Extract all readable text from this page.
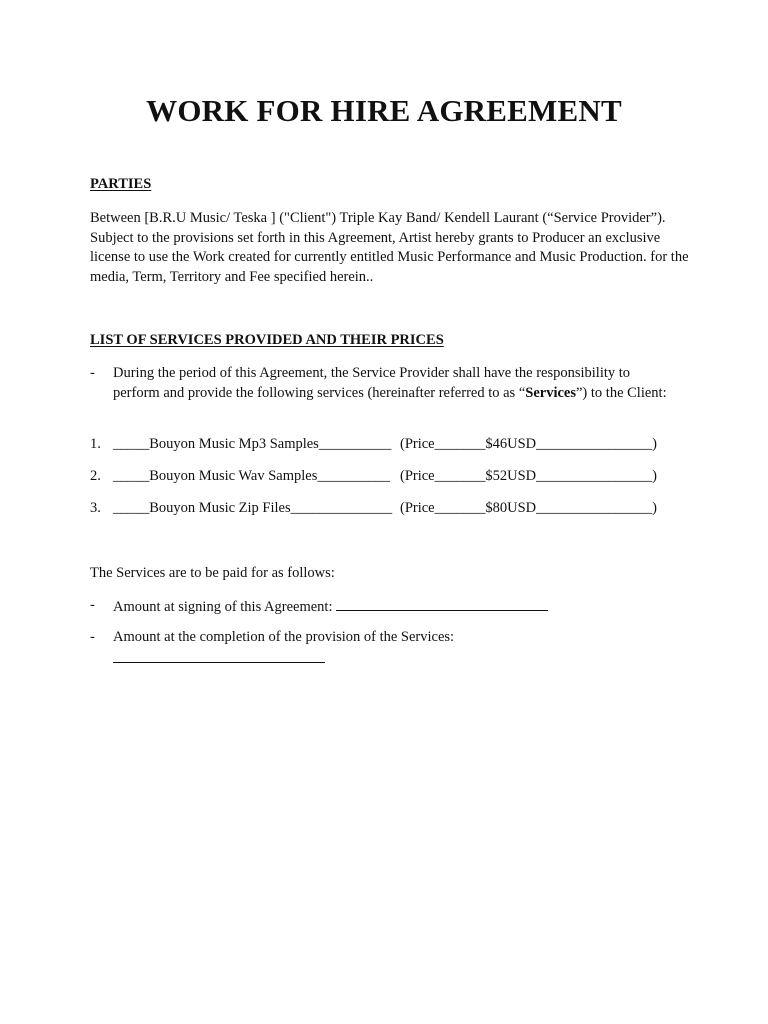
WORK FOR HIRE AGREEMENT
PARTIES
Between [B.R.U Music/ Teska ] ("Client") Triple Kay Band/ Kendell Laurant (“Service Provider”). Subject to the provisions set forth in this Agreement, Artist hereby grants to Producer an exclusive license to use the Work created for currently entitled Music Performance and Music Production. for the media, Term, Territory and Fee specified herein..
LIST OF SERVICES PROVIDED AND THEIR PRICES
- During the period of this Agreement, the Service Provider shall have the responsibility to perform and provide the following services (hereinafter referred to as “Services”) to the Client:
1. _____Bouyon Music Mp3 Samples__________ (Price_______$46USD________________)
2. _____Bouyon Music Wav Samples__________ (Price_______$52USD________________)
3. _____Bouyon Music Zip Files______________ (Price_______$80USD________________)
The Services are to be paid for as follows:
- Amount at signing of this Agreement:
- Amount at the completion of the provision of the Services:
